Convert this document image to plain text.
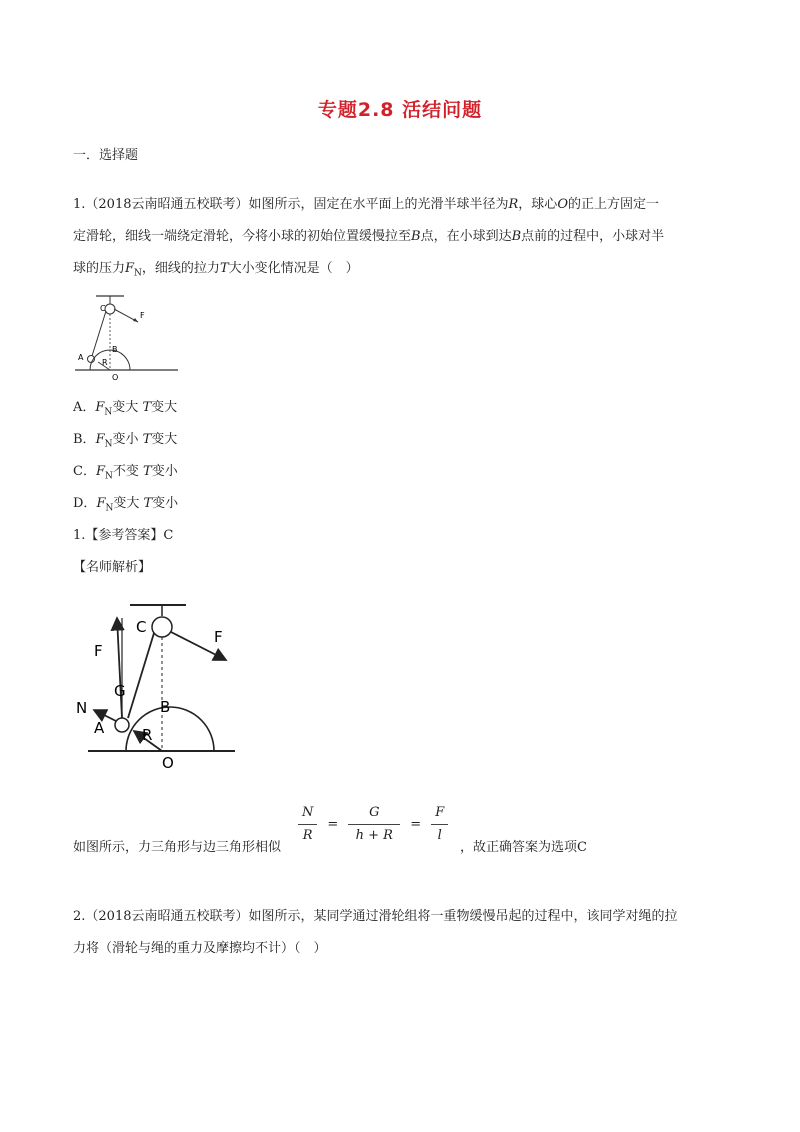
专题2.8 活结问题
一．选择题
1.（2018云南昭通五校联考）如图所示，固定在水平面上的光滑半球半径为R，球心O的正上方固定一
定滑轮，细线一端绕定滑轮，今将小球的初始位置缓慢拉至B点，在小球到达B点前的过程中，小球对半
球的压力$F_N$，细线的拉力T大小变化情况是（　）
C
F
B
A
R
O
A．$F_N$变大 T变大
B．$F_N$变小 T变大
C．$F_N$不变 T变小
D．$F_N$变大 T变小
1.【参考答案】C
【名师解析】
C
F
F
G
N
A
B
R
O
$\frac{N}{R} = \frac{G}{h + R} = \frac{F}{l}$
如图所示，力三角形与边三角形相似	，故正确答案为选项C
2.（2018云南昭通五校联考）如图所示，某同学通过滑轮组将一重物缓慢吊起的过程中，该同学对绳的拉
力将（滑轮与绳的重力及摩擦均不计）（　）
